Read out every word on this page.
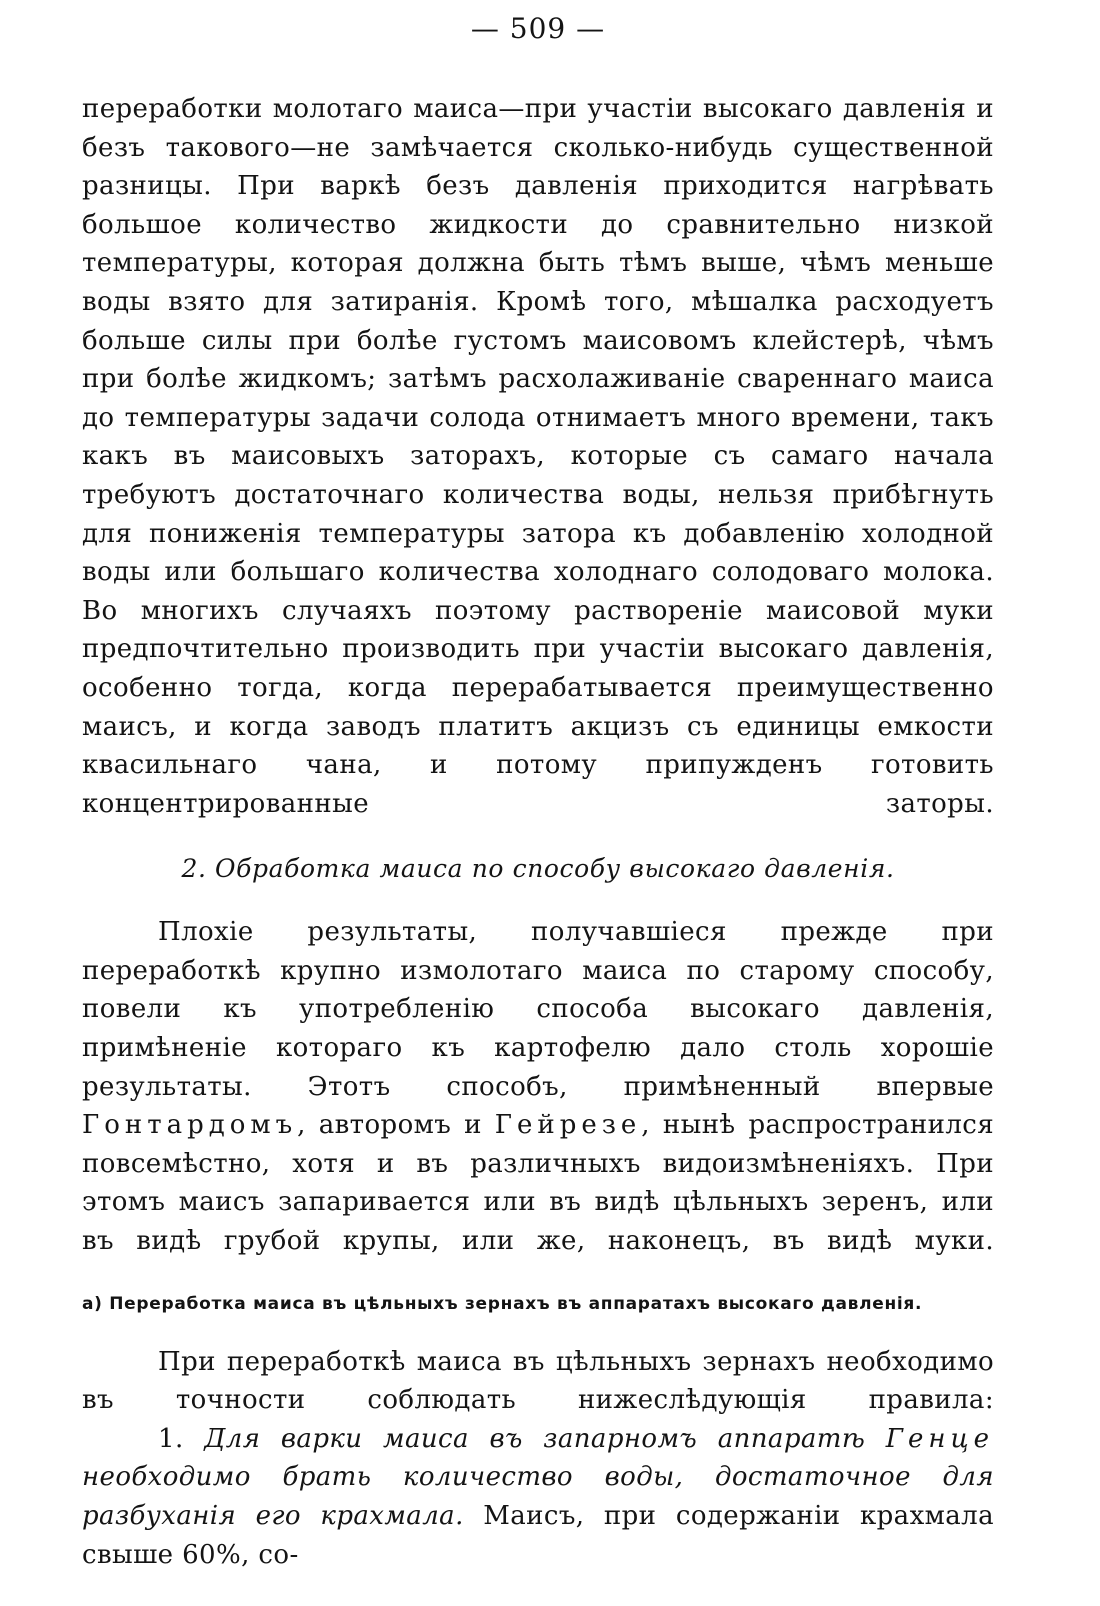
— 509 —

переработки молотаго маиса—при участіи высокаго давленія и безъ такового—не замѣчается сколько-нибудь существенной разницы. При варкѣ безъ давленія приходится нагрѣвать большое количество жидкости до сравнительно низкой температуры, которая должна быть тѣмъ выше, чѣмъ меньше воды взято для затиранія. Кромѣ того, мѣшалка расходуетъ больше силы при болѣе густомъ маисовомъ клейстерѣ, чѣмъ при болѣе жидкомъ; затѣмъ расхолаживаніе свареннаго маиса до температуры задачи солода отнимаетъ много времени, такъ какъ въ маисовыхъ заторахъ, которые съ самаго начала требуютъ достаточнаго количества воды, нельзя прибѣгнуть для пониженія температуры затора къ добавленію холодной воды или большаго количества холоднаго солодоваго молока. Во многихъ случаяхъ поэтому раствореніе маисовой муки предпочтительно производить при участіи высокаго давленія, особенно тогда, когда перерабатывается преимущественно маисъ, и когда заводъ платитъ акцизъ съ единицы емкости квасильнаго чана, и потому припужденъ готовить концентрированные заторы.

2. Обработка маиса по способу высокаго давленія.

Плохіе результаты, получавшіеся прежде при переработкѣ крупно измолотаго маиса по старому способу, повели къ употребленію способа высокаго давленія, примѣненіе котораго къ картофелю дало столь хорошіе результаты. Этотъ способъ, примѣненный впервые Гонтардомъ, авторомъ и Гейрезе, нынѣ распространился повсемѣстно, хотя и въ различныхъ видоизмѣненіяхъ. При этомъ маисъ запаривается или въ видѣ цѣльныхъ зеренъ, или въ видѣ грубой крупы, или же, наконецъ, въ видѣ муки.

а) Переработка маиса въ цѣльныхъ зернахъ въ аппаратахъ высокаго давленія.

При переработкѣ маиса въ цѣльныхъ зернахъ необходимо въ точности соблюдать нижеслѣдующія правила:

1. Для варки маиса въ запарномъ аппаратѣ Генце необходимо брать количество воды, достаточное для разбуханія его крахмала. Маисъ, при содержаніи крахмала свыше 60%, со-
